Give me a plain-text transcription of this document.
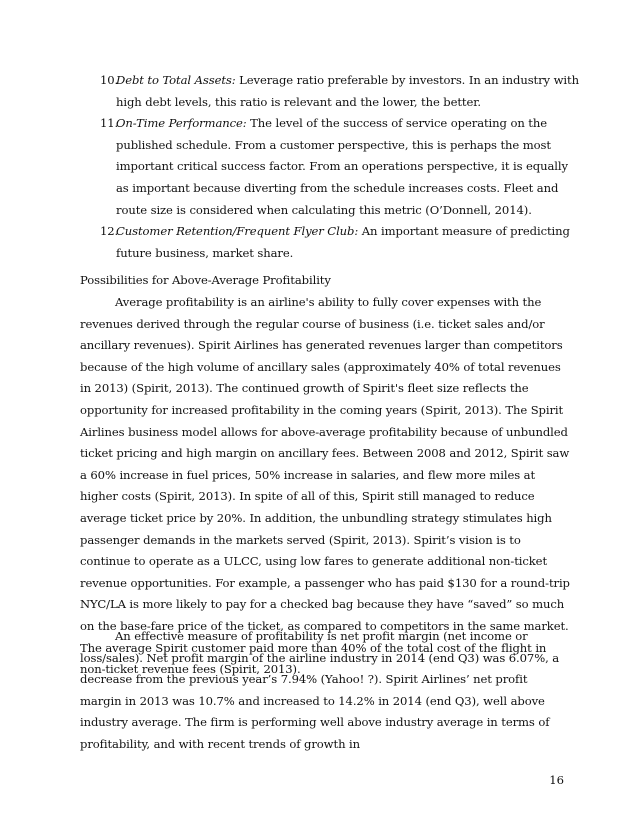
10.
Debt to Total Assets: Leverage ratio preferable by investors. In an industry with high debt levels, this ratio is relevant and the lower, the better.
11.
On-Time Performance: The level of the success of service operating on the published schedule. From a customer perspective, this is perhaps the most important critical success factor. From an operations perspective, it is equally as important because diverting from the schedule increases costs. Fleet and route size is considered when calculating this metric (O’Donnell, 2014).
12.
Customer Retention/Frequent Flyer Club: An important measure of predicting future business, market share.
Possibilities for Above-Average Profitability

Average profitability is an airline's ability to fully cover expenses with the revenues derived through the regular course of business (i.e. ticket sales and/or ancillary revenues). Spirit Airlines has generated revenues larger than competitors because of the high volume of ancillary sales (approximately 40% of total revenues in 2013) (Spirit, 2013). The continued growth of Spirit's fleet size reflects the opportunity for increased profitability in the coming years (Spirit, 2013). The Spirit Airlines business model allows for above-average profitability because of unbundled ticket pricing and high margin on ancillary fees. Between 2008 and 2012, Spirit saw a 60% increase in fuel prices, 50% increase in salaries, and flew more miles at higher costs (Spirit, 2013). In spite of all of this, Spirit still managed to reduce average ticket price by 20%. In addition, the unbundling strategy stimulates high passenger demands in the markets served (Spirit, 2013). Spirit’s vision is to continue to operate as a ULCC, using low fares to generate additional non-ticket revenue opportunities. For example, a passenger who has paid $130 for a round-trip NYC/LA is more likely to pay for a checked bag because they have “saved” so much on the base-fare price of the ticket, as compared to competitors in the same market. The average Spirit customer paid more than 40% of the total cost of the flight in non-ticket revenue fees (Spirit, 2013).

An effective measure of profitability is net profit margin (net income or loss/sales). Net profit margin of the airline industry in 2014 (end Q3) was 6.07%, a decrease from the previous year’s 7.94% (Yahoo! ?). Spirit Airlines’ net profit margin in 2013 was 10.7% and increased to 14.2% in 2014 (end Q3), well above industry average. The firm is performing well above industry average in terms of profitability, and with recent trends of growth in

16
